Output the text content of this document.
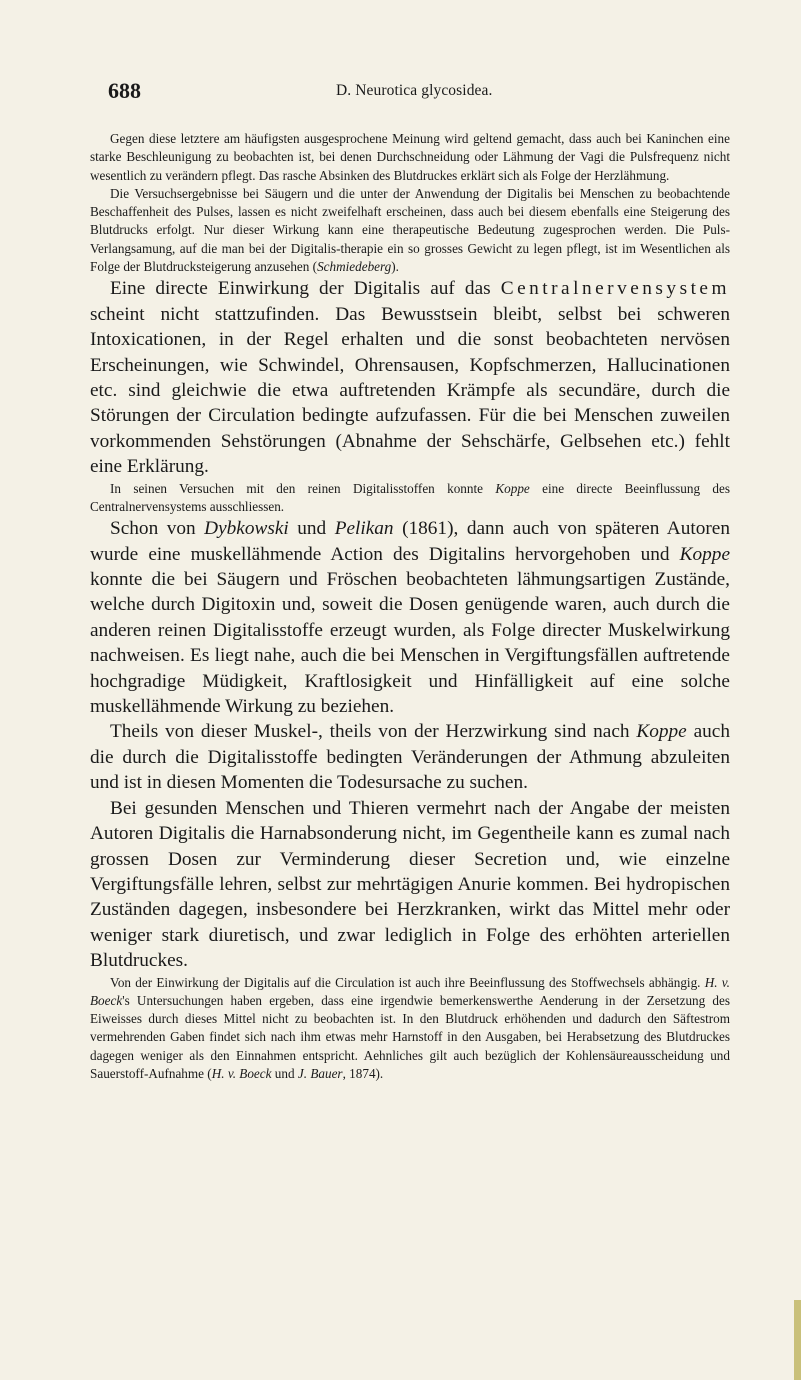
688	D. Neurotica glycosidea.

Gegen diese letztere am häufigsten ausgesprochene Meinung wird geltend gemacht, dass auch bei Kaninchen eine starke Beschleunigung zu beobachten ist, bei denen Durchschneidung oder Lähmung der Vagi die Pulsfrequenz nicht wesentlich zu verändern pflegt. Das rasche Absinken des Blutdruckes erklärt sich als Folge der Herzlähmung.

Die Versuchsergebnisse bei Säugern und die unter der Anwendung der Digitalis bei Menschen zu beobachtende Beschaffenheit des Pulses, lassen es nicht zweifelhaft erscheinen, dass auch bei diesem ebenfalls eine Steigerung des Blutdrucks erfolgt. Nur dieser Wirkung kann eine therapeutische Bedeutung zugesprochen werden. Die Puls-Verlangsamung, auf die man bei der Digitalis-therapie ein so grosses Gewicht zu legen pflegt, ist im Wesentlichen als Folge der Blutdrucksteigerung anzusehen (Schmiedeberg).

Eine directe Einwirkung der Digitalis auf das Centralnervensystem scheint nicht stattzufinden. Das Bewusstsein bleibt, selbst bei schweren Intoxicationen, in der Regel erhalten und die sonst beobachteten nervösen Erscheinungen, wie Schwindel, Ohrensausen, Kopfschmerzen, Hallucinationen etc. sind gleichwie die etwa auftretenden Krämpfe als secundäre, durch die Störungen der Circulation bedingte aufzufassen. Für die bei Menschen zuweilen vorkommenden Sehstörungen (Abnahme der Sehschärfe, Gelbsehen etc.) fehlt eine Erklärung.

In seinen Versuchen mit den reinen Digitalisstoffen konnte Koppe eine directe Beeinflussung des Centralnervensystems ausschliessen.

Schon von Dybkowski und Pelikan (1861), dann auch von späteren Autoren wurde eine muskellähmende Action des Digitalins hervorgehoben und Koppe konnte die bei Säugern und Fröschen beobachteten lähmungsartigen Zustände, welche durch Digitoxin und, soweit die Dosen genügende waren, auch durch die anderen reinen Digitalisstoffe erzeugt wurden, als Folge directer Muskelwirkung nachweisen. Es liegt nahe, auch die bei Menschen in Vergiftungsfällen auftretende hochgradige Müdigkeit, Kraftlosigkeit und Hinfälligkeit auf eine solche muskellähmende Wirkung zu beziehen.

Theils von dieser Muskel-, theils von der Herzwirkung sind nach Koppe auch die durch die Digitalisstoffe bedingten Veränderungen der Athmung abzuleiten und ist in diesen Momenten die Todesursache zu suchen.

Bei gesunden Menschen und Thieren vermehrt nach der Angabe der meisten Autoren Digitalis die Harnabsonderung nicht, im Gegentheile kann es zumal nach grossen Dosen zur Verminderung dieser Secretion und, wie einzelne Vergiftungsfälle lehren, selbst zur mehrtägigen Anurie kommen. Bei hydropischen Zuständen dagegen, insbesondere bei Herzkranken, wirkt das Mittel mehr oder weniger stark diuretisch, und zwar lediglich in Folge des erhöhten arteriellen Blutdruckes.

Von der Einwirkung der Digitalis auf die Circulation ist auch ihre Beeinflussung des Stoffwechsels abhängig. H. v. Boeck's Untersuchungen haben ergeben, dass eine irgendwie bemerkenswerthe Aenderung in der Zersetzung des Eiweisses durch dieses Mittel nicht zu beobachten ist. In den Blutdruck erhöhenden und dadurch den Säftestrom vermehrenden Gaben findet sich nach ihm etwas mehr Harnstoff in den Ausgaben, bei Herabsetzung des Blutdruckes dagegen weniger als den Einnahmen entspricht. Aehnliches gilt auch bezüglich der Kohlensäureausscheidung und Sauerstoff-Aufnahme (H. v. Boeck und J. Bauer, 1874).
